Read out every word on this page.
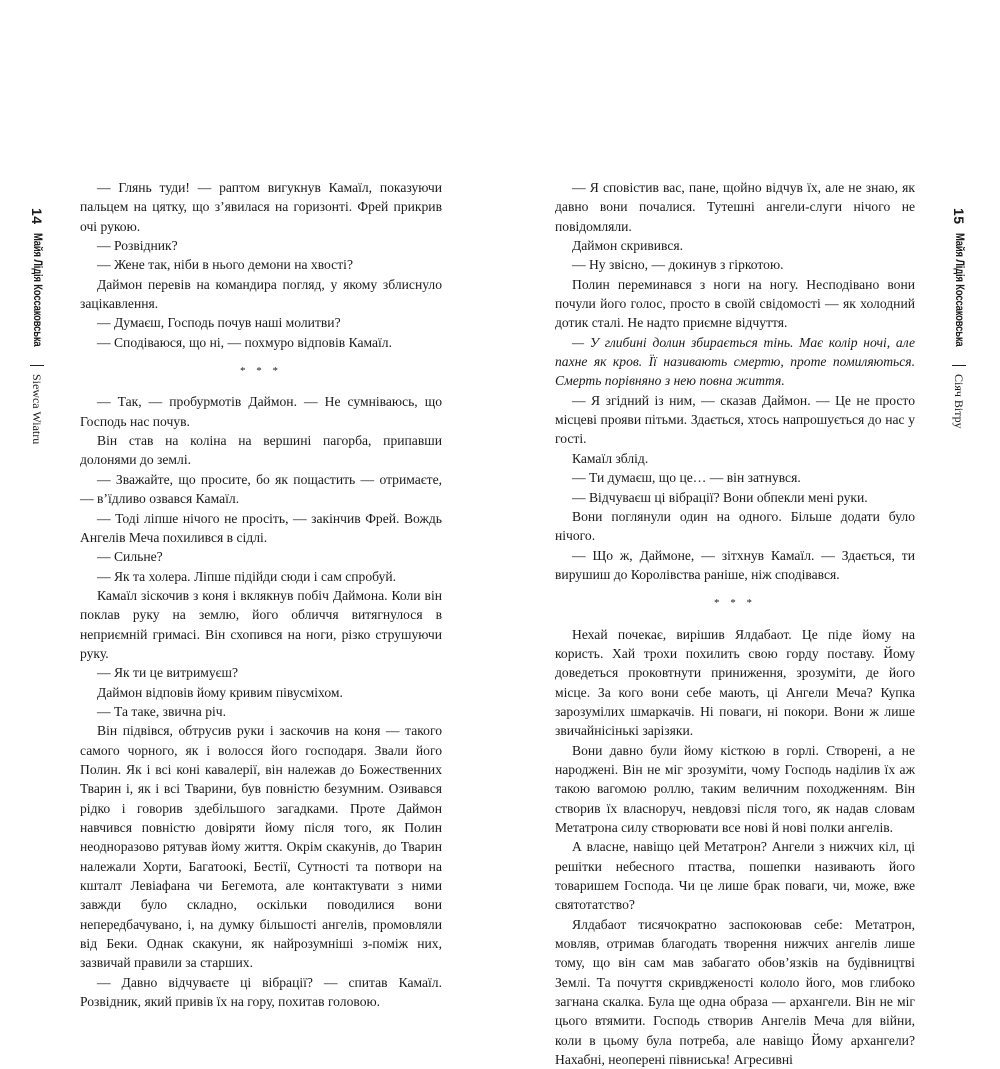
14
Майя Лідія Коссаковська
Siewca Wiatru

— Глянь туди! — раптом вигукнув Камаїл, показуючи пальцем на цятку, що з’явилася на горизонті. Фрей прикрив очі рукою.

— Розвідник?

— Жене так, ніби в нього демони на хвості?

Даймон перевів на командира погляд, у якому зблиснуло зацікавлення.

— Думаєш, Господь почув наші молитви?

— Сподіваюся, що ні, — похмуро відповів Камаїл.

* * *

— Так, — пробурмотів Даймон. — Не сумніваюсь, що Господь нас почув.

Він став на коліна на вершині пагорба, припавши долонями до землі.

— Зважайте, що просите, бо як пощастить — отримаєте, — в’їдливо озвався Камаїл.

— Тоді ліпше нічого не просіть, — закінчив Фрей. Вождь Ангелів Меча похилився в сідлі.

— Сильне?

— Як та холера. Ліпше підійди сюди і сам спробуй.

Камаїл зіскочив з коня і вклякнув побіч Даймона. Коли він поклав руку на землю, його обличчя витягнулося в неприємній гримасі. Він схопився на ноги, різко струшуючи руку.

— Як ти це витримуєш?

Даймон відповів йому кривим півусміхом.

— Та таке, звична річ.

Він підвівся, обтрусив руки і заскочив на коня — такого самого чорного, як і волосся його господаря. Звали його Полин. Як і всі коні кавалерії, він належав до Божественних Тварин і, як і всі Тварини, був повністю безумним. Озивався рідко і говорив здебільшого загадками. Проте Даймон навчився повністю довіряти йому після того, як Полин неодноразово рятував йому життя. Окрім скакунів, до Тварин належали Хорти, Багатоокі, Бестії, Сутності та потвори на кшталт Левіафана чи Бегемота, але контактувати з ними завжди було складно, оскільки поводилися вони непередбачувано, і, на думку більшості ангелів, промовляли від Беки. Однак скакуни, як найрозумніші з-поміж них, зазвичай правили за старших.

— Давно відчуваєте ці вібрації? — спитав Камаїл. Розвідник, який привів їх на гору, похитав головою.

15
Майя Лідія Коссаковська
Сіяч Вітру

— Я сповістив вас, пане, щойно відчув їх, але не знаю, як давно вони почалися. Тутешні ангели-слуги нічого не повідомляли.

Даймон скривився.

— Ну звісно, — докинув з гіркотою.

Полин переминався з ноги на ногу. Несподівано вони почули його голос, просто в своїй свідомості — як холодний дотик сталі. Не надто приємне відчуття.

— У глибині долин збирається тінь. Має колір ночі, але пахне як кров. Її називають смертю, проте помиляються. Смерть порівняно з нею повна життя.

— Я згідний із ним, — сказав Даймон. — Це не просто місцеві прояви пітьми. Здається, хтось напрошується до нас у гості.

Камаїл зблід.

— Ти думаєш, що це… — він затнувся.

— Відчуваєш ці вібрації? Вони обпекли мені руки.

Вони поглянули один на одного. Більше додати було нічого.

— Що ж, Даймоне, — зітхнув Камаїл. — Здається, ти вирушиш до Королівства раніше, ніж сподівався.

* * *

Нехай почекає, вирішив Ялдабаот. Це піде йому на користь. Хай трохи похилить свою горду поставу. Йому доведеться проковтнути приниження, зрозуміти, де його місце. За кого вони себе мають, ці Ангели Меча? Купка зарозумілих шмаркачів. Ні поваги, ні покори. Вони ж лише звичайнісінькі зарізяки.

Вони давно були йому кісткою в горлі. Створені, а не народжені. Він не міг зрозуміти, чому Господь наділив їх аж такою вагомою роллю, таким величним походженням. Він створив їх власноруч, невдовзі після того, як надав словам Метатрона силу створювати все нові й нові полки ангелів.

А власне, навіщо цей Метатрон? Ангели з нижчих кіл, ці решітки небесного птаства, пошепки називають його товаришем Господа. Чи це лише брак поваги, чи, може, вже святотатство?

Ялдабаот тисячократно заспокоював себе: Метатрон, мовляв, отримав благодать творення нижчих ангелів лише тому, що він сам мав забагато обов’язків на будівництві Землі. Та почуття скривдженості кололо його, мов глибоко загнана скалка. Була ще одна образа — архангели. Він не міг цього втямити. Господь створив Ангелів Меча для війни, коли в цьому була потреба, але навіщо Йому архангели? Нахабні, неоперені півниська! Агресивні
